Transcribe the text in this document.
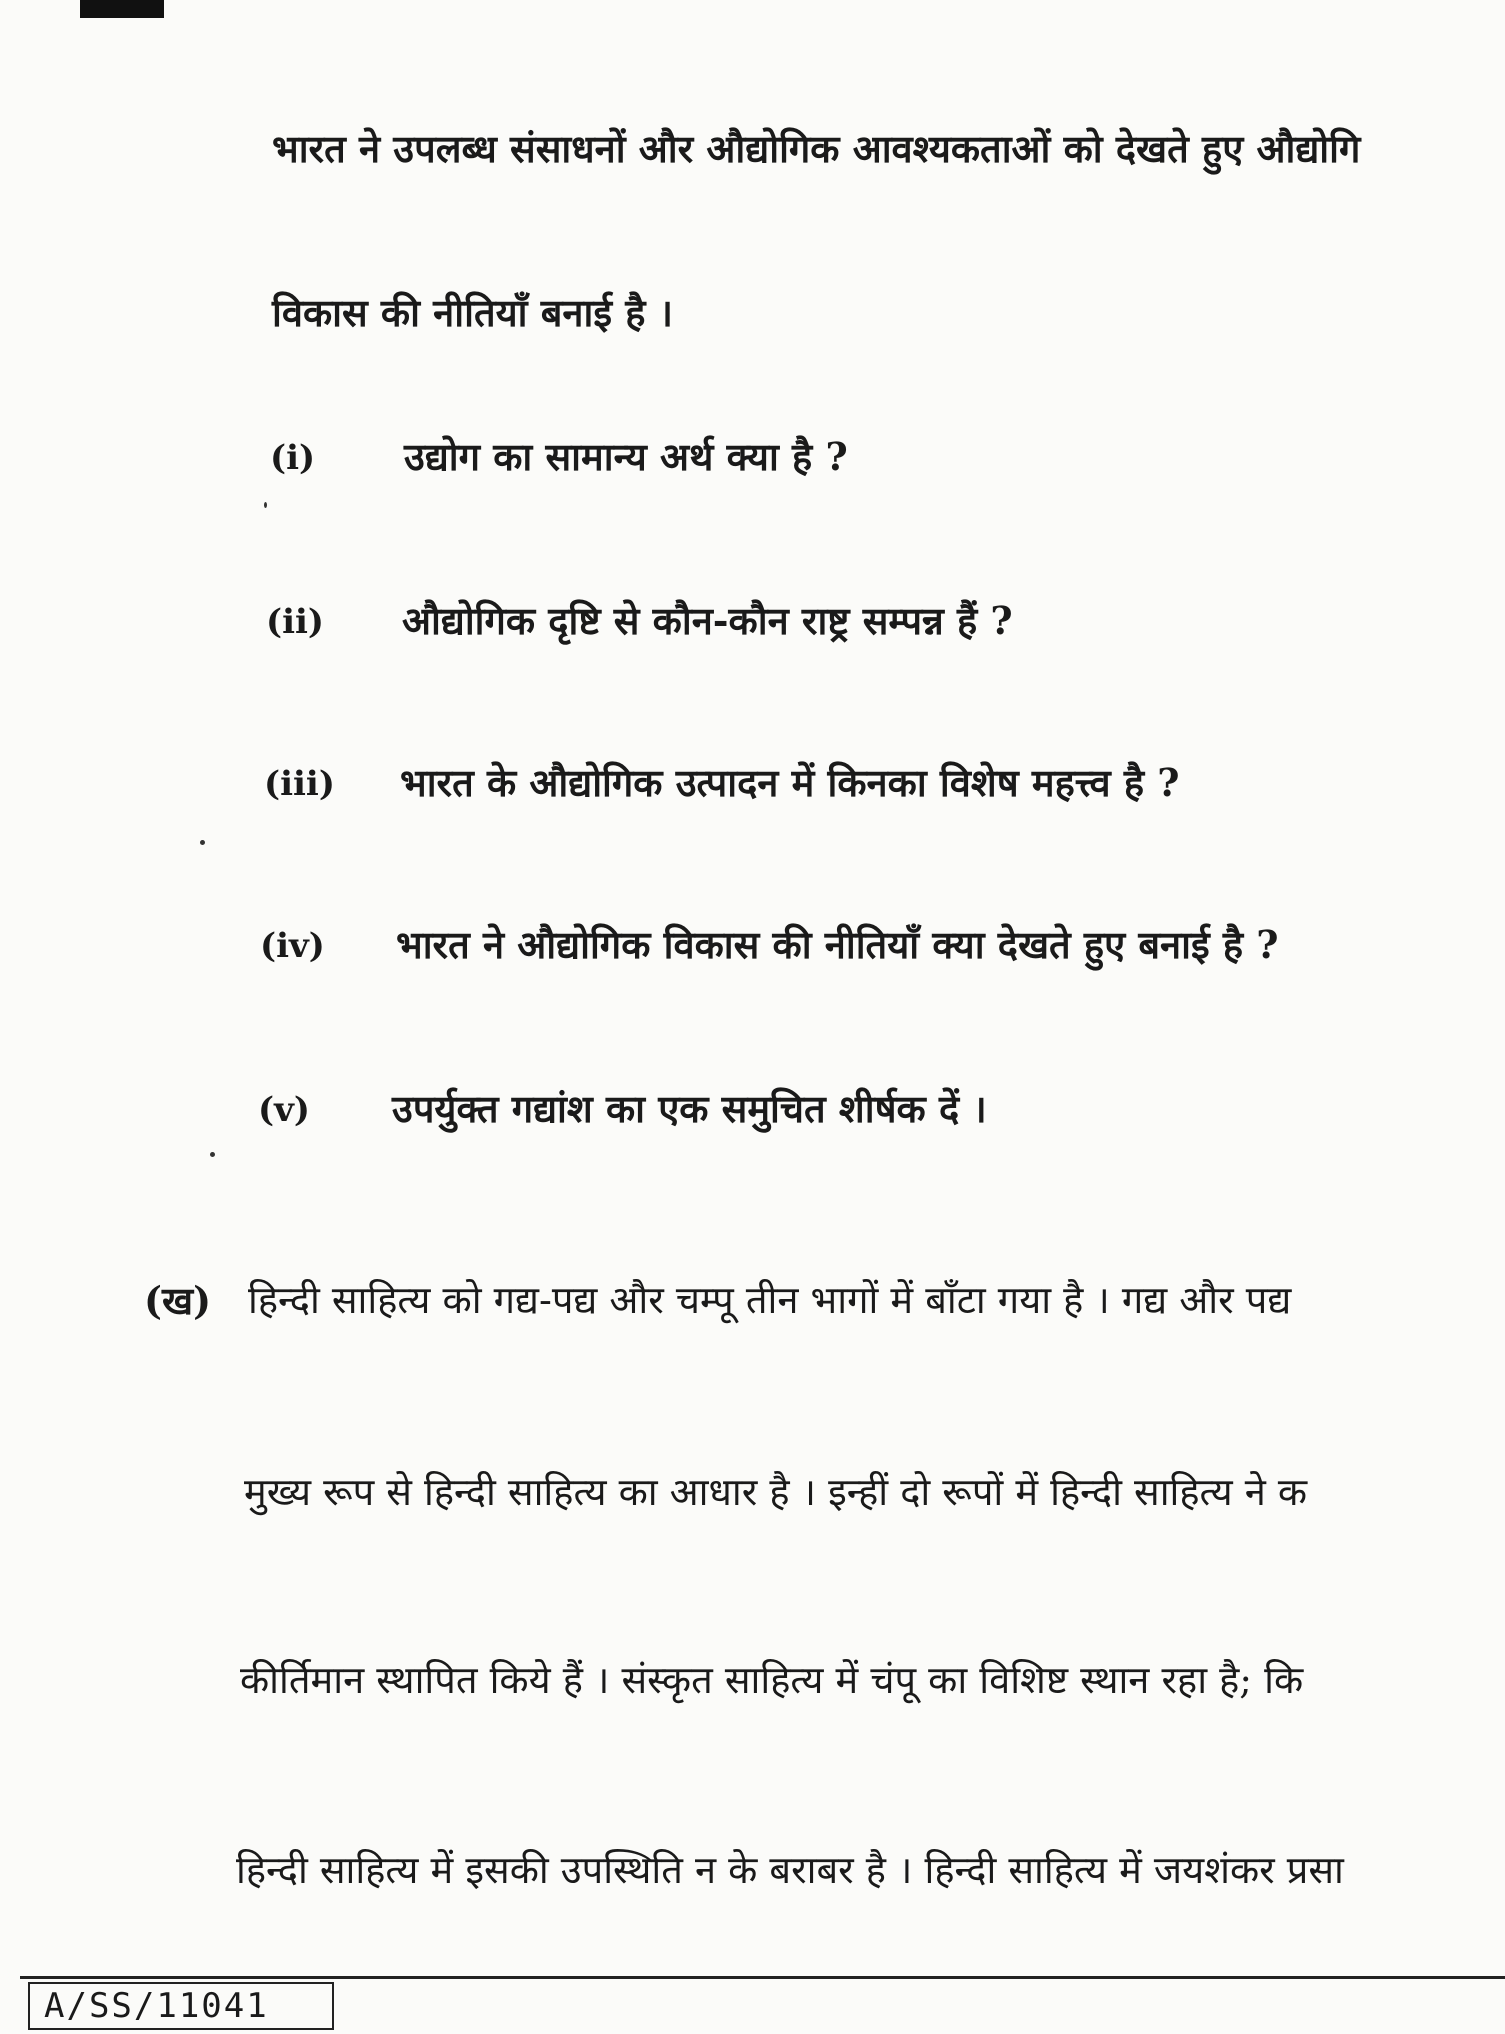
भारत ने उपलब्ध संसाधनों और औद्योगिक आवश्यकताओं को देखते हुए औद्योगि
विकास की नीतियाँ बनाई है ।
(i) उद्योग का सामान्य अर्थ क्या है ?
(ii) औद्योगिक दृष्टि से कौन-कौन राष्ट्र सम्पन्न हैं ?
(iii) भारत के औद्योगिक उत्पादन में किनका विशेष महत्त्व है ?
(iv) भारत ने औद्योगिक विकास की नीतियाँ क्या देखते हुए बनाई है ?
(v) उपर्युक्त गद्यांश का एक समुचित शीर्षक दें ।
(ख) हिन्दी साहित्य को गद्य-पद्य और चम्पू तीन भागों में बाँटा गया है । गद्य और पद्य
मुख्य रूप से हिन्दी साहित्य का आधार है । इन्हीं दो रूपों में हिन्दी साहित्य ने क
कीर्तिमान स्थापित किये हैं । संस्कृत साहित्य में चंपू का विशिष्ट स्थान रहा है; कि
हिन्दी साहित्य में इसकी उपस्थिति न के बराबर है । हिन्दी साहित्य में जयशंकर प्रसा
A/SS/11041
